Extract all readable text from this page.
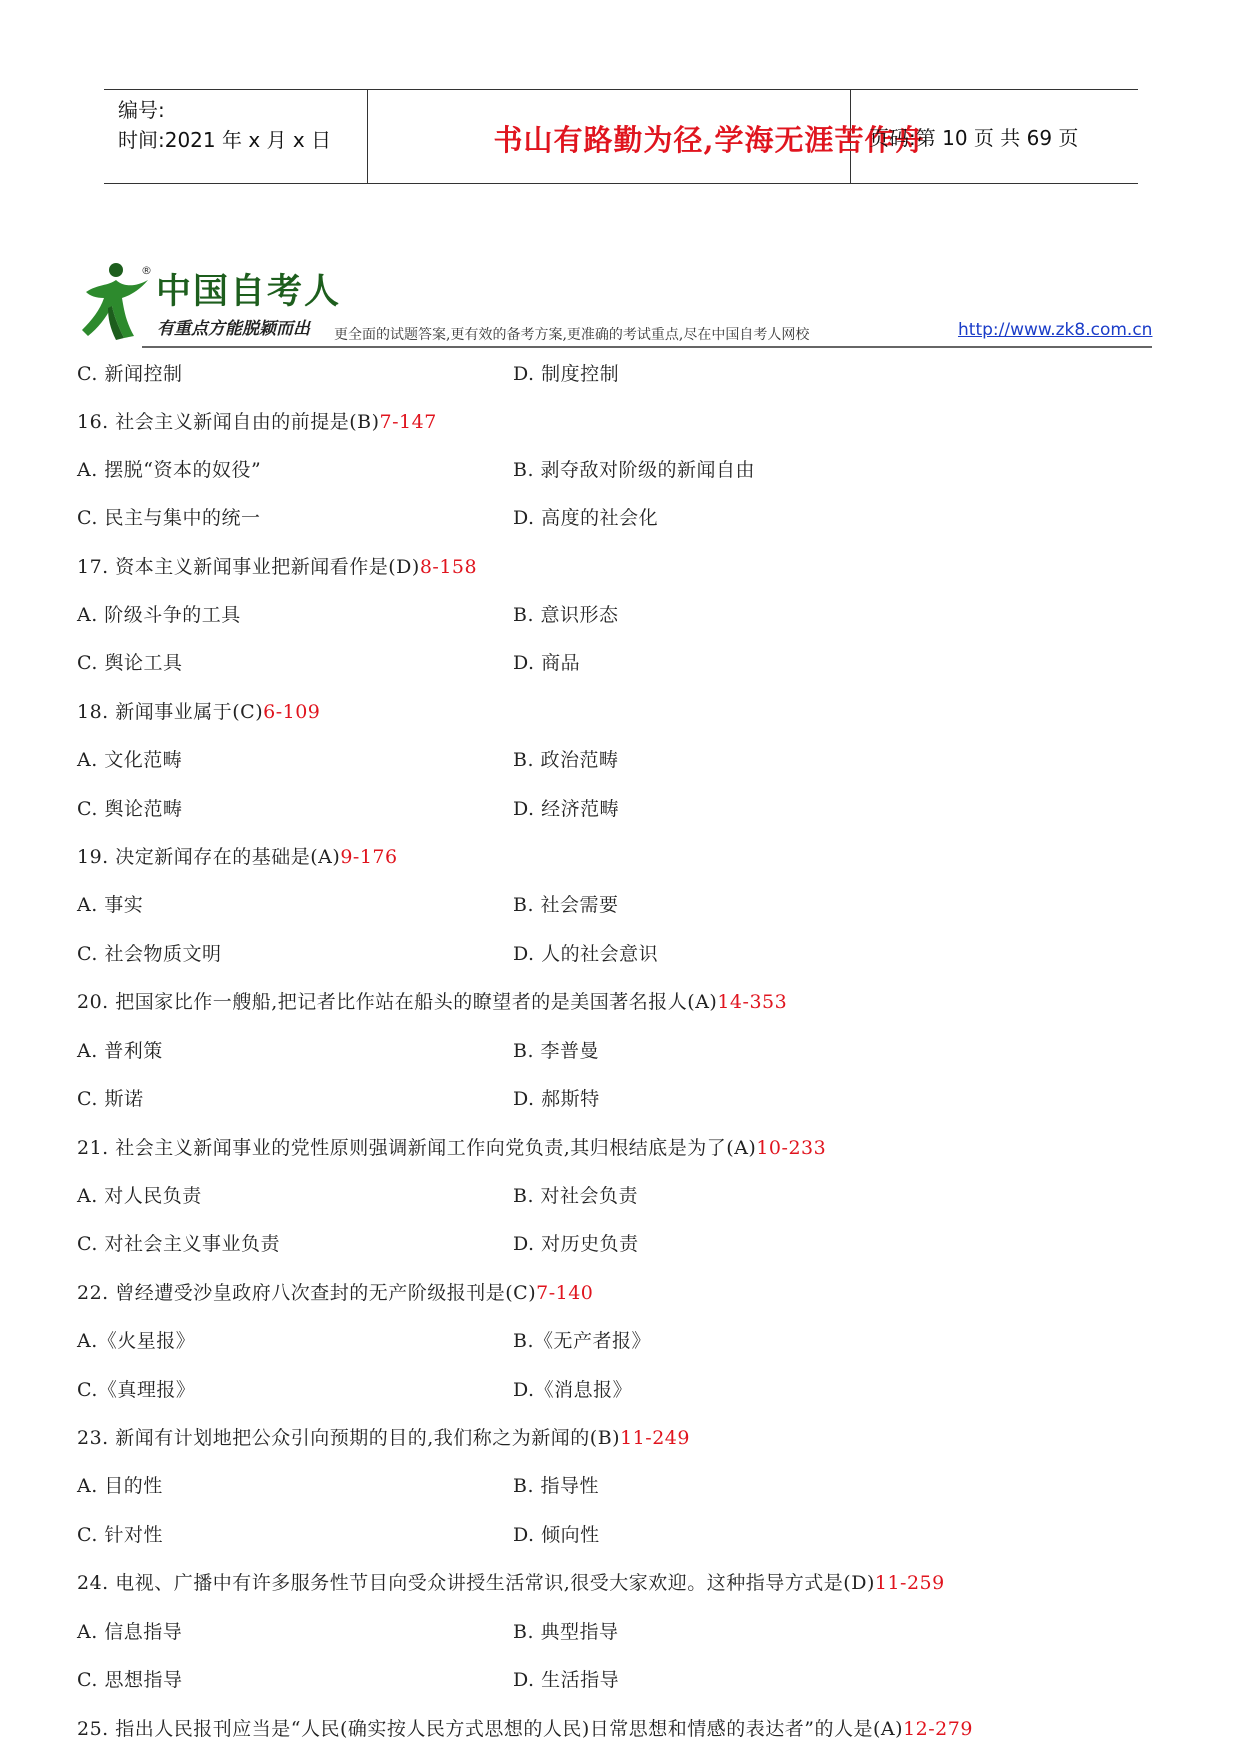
编号:
时间:2021 年 x 月 x 日	书山有路勤为径,学海无涯苦作舟
页码:第 10 页 共 69 页
®
中国自考人
有重点方能脱颖而出 更全面的试题答案,更有效的备考方案,更准确的考试重点,尽在中国自考人网校	http://www.zk8.com.cn
C. 新闻控制	D. 制度控制
16. 社会主义新闻自由的前提是(B)7-147
A. 摆脱“资本的奴役”	B. 剥夺敌对阶级的新闻自由
C. 民主与集中的统一	D. 高度的社会化
17. 资本主义新闻事业把新闻看作是(D)8-158
A. 阶级斗争的工具	B. 意识形态
C. 舆论工具	D. 商品
18. 新闻事业属于(C)6-109
A. 文化范畴	B. 政治范畴
C. 舆论范畴	D. 经济范畴
19. 决定新闻存在的基础是(A)9-176
A. 事实	B. 社会需要
C. 社会物质文明	D. 人的社会意识
20. 把国家比作一艘船,把记者比作站在船头的瞭望者的是美国著名报人(A)14-353
A. 普利策	B. 李普曼
C. 斯诺	D. 郝斯特
21. 社会主义新闻事业的党性原则强调新闻工作向党负责,其归根结底是为了(A)10-233
A. 对人民负责	B. 对社会负责
C. 对社会主义事业负责	D. 对历史负责
22. 曾经遭受沙皇政府八次查封的无产阶级报刊是(C)7-140
A.《火星报》	B.《无产者报》
C.《真理报》	D.《消息报》
23. 新闻有计划地把公众引向预期的目的,我们称之为新闻的(B)11-249
A. 目的性	B. 指导性
C. 针对性	D. 倾向性
24. 电视、广播中有许多服务性节目向受众讲授生活常识,很受大家欢迎。这种指导方式是(D)11-259
A. 信息指导	B. 典型指导
C. 思想指导	D. 生活指导
25. 指出人民报刊应当是“人民(确实按人民方式思想的人民)日常思想和情感的表达者”的人是(A)12-279
